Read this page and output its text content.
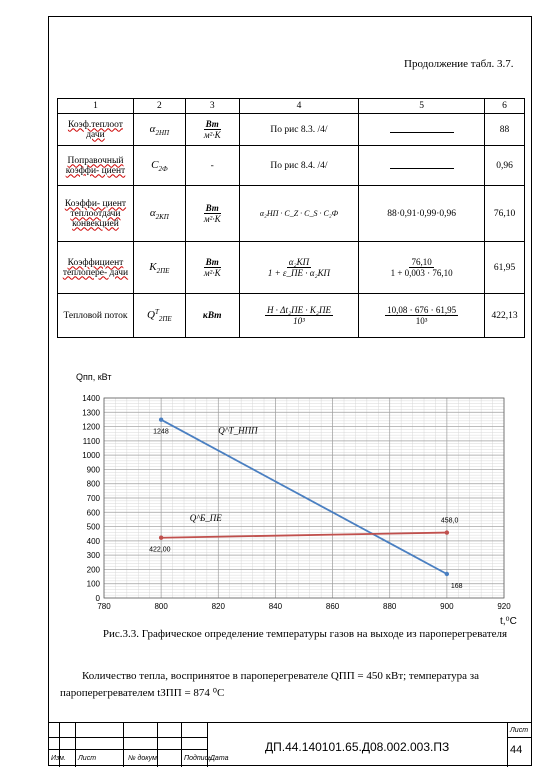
Продолжение табл. 3.7.
1	2	3	4	5	6
Коэф.теплоот дачи	$\alpha_{2НП}$	$\frac{Вт}{\text{м²·К}}$	По рис 8.3. /4/		88
Поправочный коэффи- циент	$C_{2Ф}$	-	По рис 8.4. /4/		0,96
Коэффи- циент теплоотдачи конвекцией	$\alpha_{2КП}$	$\frac{Вт}{\text{м²·К}}$	α₂НП · C_Z · C_S · C₂Ф	88·0,91·0,99·0,96	76,10
Коэффициент теплопере- дачи	$K_{2ПЕ}$	$\frac{Вт}{\text{м²·К}}$	$\frac{\text{α₂КП}}{\text{1 + ε\_ПЕ · α₂КП}}$	$\frac{76,10}{1 + 0,003 \cdot 76,10}$	61,95
Тепловой поток	$Q^T_{2ПЕ}$	кВт	$\frac{\text{H · Δt₂ПЕ · K₂ПЕ}}{\text{10³}}$	$\frac{10,08 \cdot 676 \cdot 61,95}{\text{10³}}$	422,13
780	800	820	840	860	880	900	920
0
100
200
300
400
500
600
700
800
900
1000
1100
1200
1300
1400
Qпп, кВт
t,⁰С
1248
168
422,00
458,0
Q^Т_НПП
Q^Б_ПЕ
Рис.3.3. Графическое определение температуры газов на выходе из пароперегревателя
Количество тепла, воспринятое в пароперегревателе QПП = 450 кВт; температура за пароперегревателем tЗПП = 874 ⁰С
Изм. Лист	№ докум.	Подпись
Дата
ДП.44.140101.65.Д08.002.003.ПЗ
Лист
44
